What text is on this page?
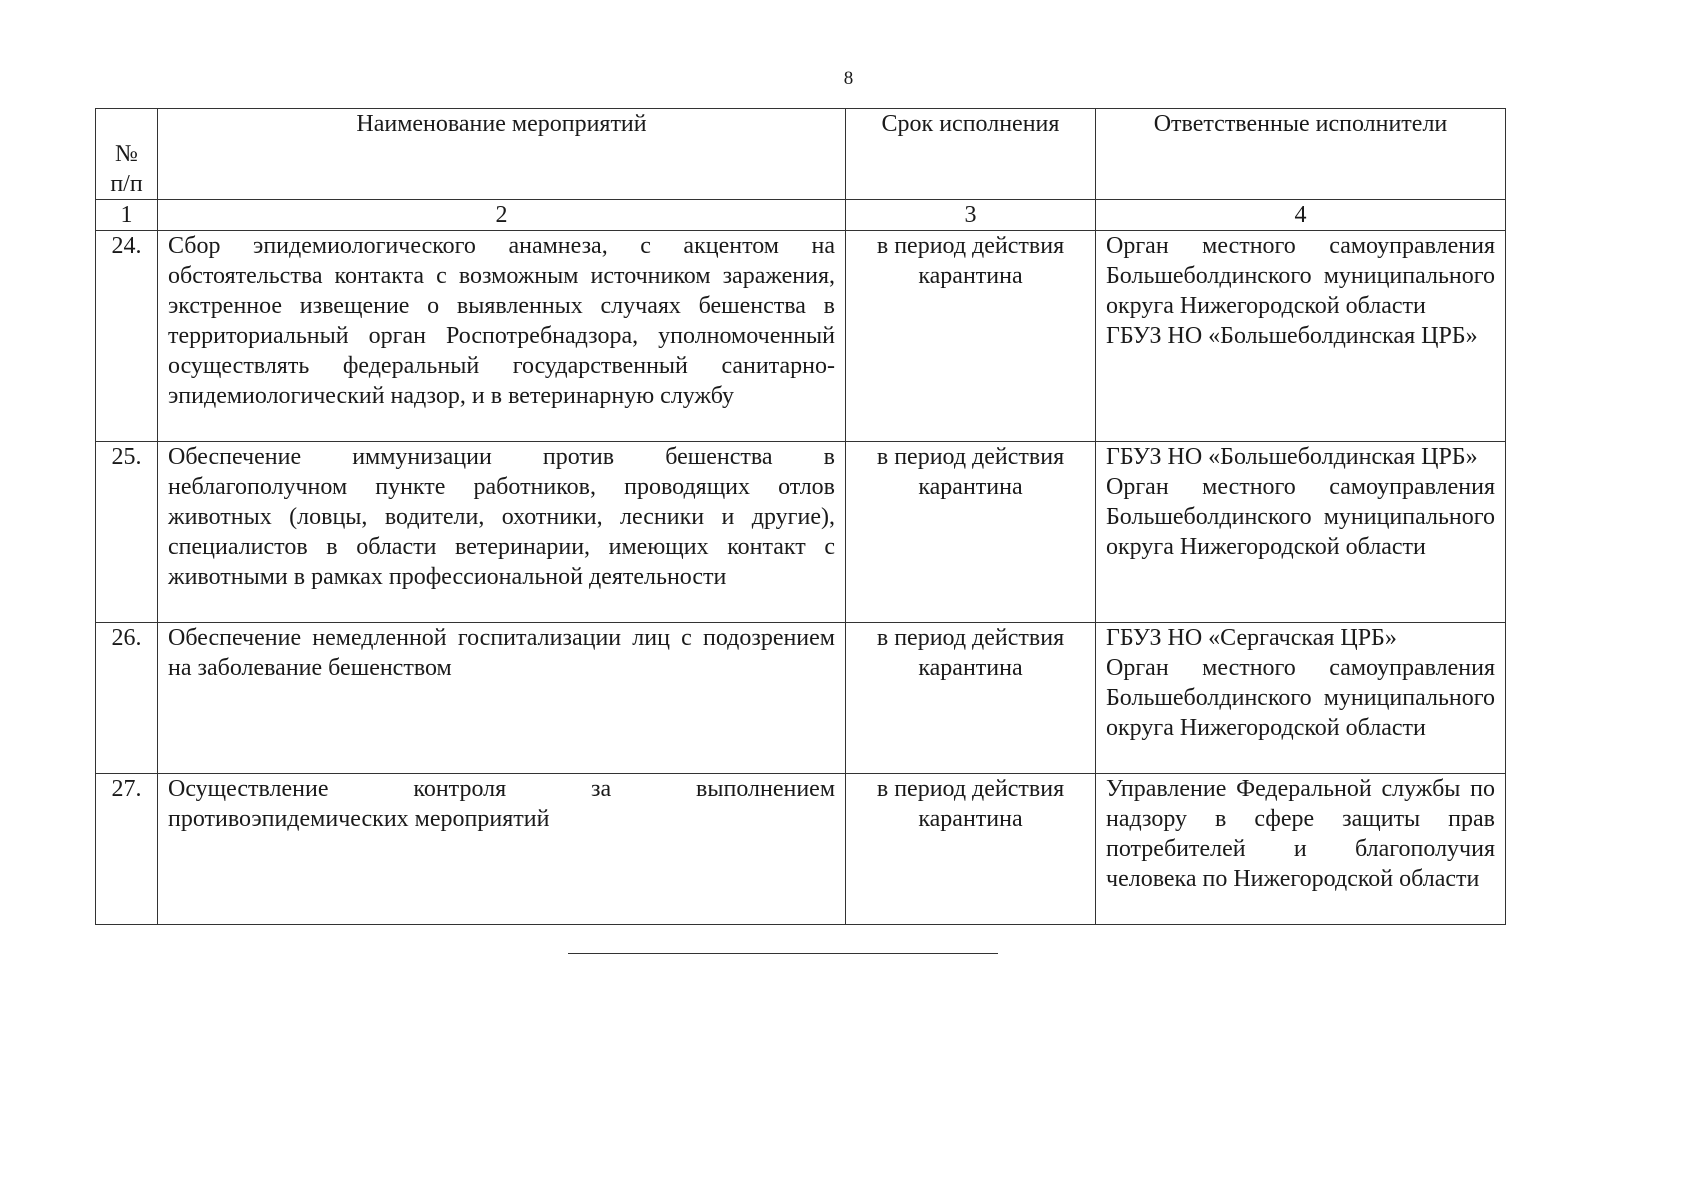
8
№
п/п	Наименование мероприятий	Срок исполнения	Ответственные исполнители
1	2	3	4
24.	Сбор эпидемиологического анамнеза, с акцентом на обстоятельства контакта с возможным источником заражения, экстренное извещение о выявленных случаях бешенства в территориальный орган Роспотребнадзора, уполномоченный осуществлять федеральный государственный санитарно-эпидемиологический надзор, и в ветеринарную службу	в период действия карантина	Орган местного самоуправления Большеболдинского муниципального округа Нижегородской области
ГБУЗ НО «Большеболдинская ЦРБ»

25.	Обеспечение иммунизации против бешенства в неблагополучном пункте работников, проводящих отлов животных (ловцы, водители, охотники, лесники и другие), специалистов в области ветеринарии, имеющих контакт с животными в рамках профессиональной деятельности	в период действия карантина	ГБУЗ НО «Большеболдинская ЦРБ»
Орган местного самоуправления Большеболдинского муниципального округа Нижегородской области

26.	Обеспечение немедленной госпитализации лиц с подозрением на заболевание бешенством	в период действия карантина	ГБУЗ НО «Сергачская ЦРБ»
Орган местного самоуправления Большеболдинского муниципального округа Нижегородской области

27.	Осуществление контроля за выполнением противоэпидемических мероприятий	в период действия карантина	Управление Федеральной службы по надзору в сфере защиты прав потребителей и благополучия человека по Нижегородской области
